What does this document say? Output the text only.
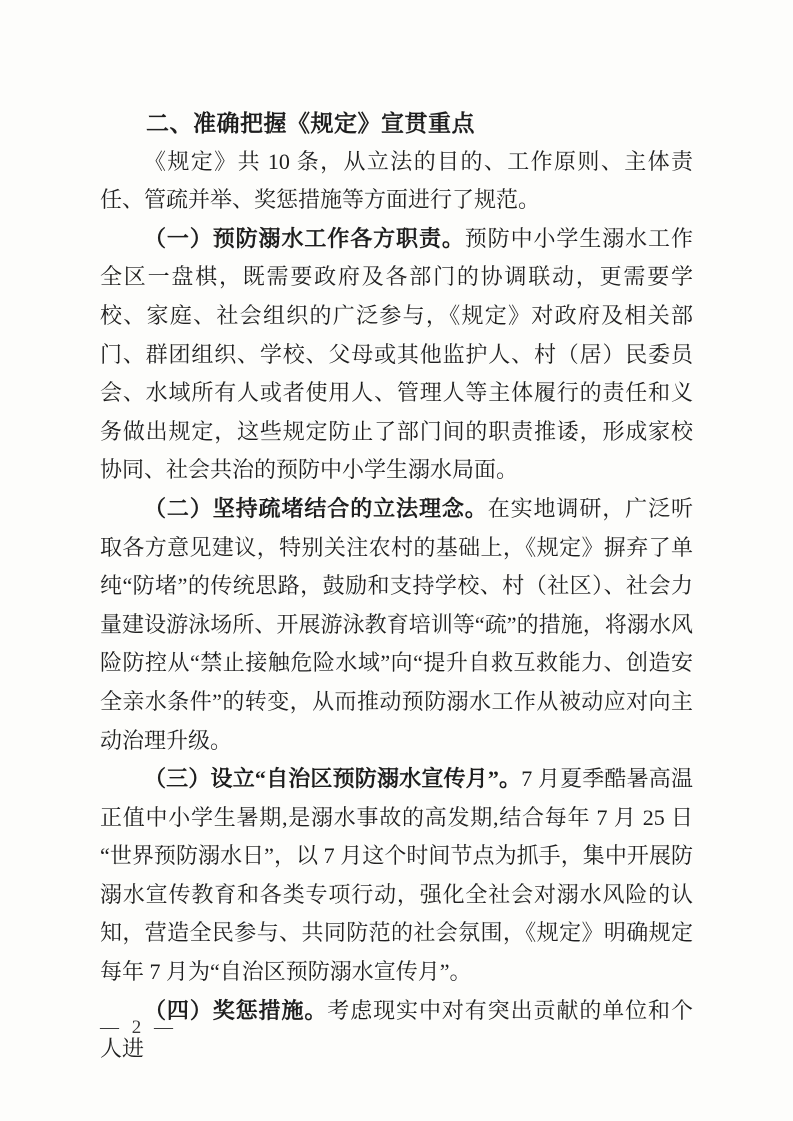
二、准确把握《规定》宣贯重点

《规定》共 10 条，从立法的目的、工作原则、主体责任、管疏并举、奖惩措施等方面进行了规范。

（一）预防溺水工作各方职责。预防中小学生溺水工作全区一盘棋，既需要政府及各部门的协调联动，更需要学校、家庭、社会组织的广泛参与，《规定》对政府及相关部门、群团组织、学校、父母或其他监护人、村（居）民委员会、水域所有人或者使用人、管理人等主体履行的责任和义务做出规定，这些规定防止了部门间的职责推诿，形成家校协同、社会共治的预防中小学生溺水局面。

（二）坚持疏堵结合的立法理念。在实地调研，广泛听取各方意见建议，特别关注农村的基础上，《规定》摒弃了单纯“防堵”的传统思路，鼓励和支持学校、村（社区）、社会力量建设游泳场所、开展游泳教育培训等“疏”的措施，将溺水风险防控从“禁止接触危险水域”向“提升自救互救能力、创造安全亲水条件”的转变，从而推动预防溺水工作从被动应对向主动治理升级。

（三）设立“自治区预防溺水宣传月”。7 月夏季酷暑高温正值中小学生暑期,是溺水事故的高发期,结合每年 7 月 25 日“世界预防溺水日”，以 7 月这个时间节点为抓手，集中开展防溺水宣传教育和各类专项行动，强化全社会对溺水风险的认知，营造全民参与、共同防范的社会氛围，《规定》明确规定每年 7 月为“自治区预防溺水宣传月”。

（四）奖惩措施。考虑现实中对有突出贡献的单位和个人进

— 2 —
